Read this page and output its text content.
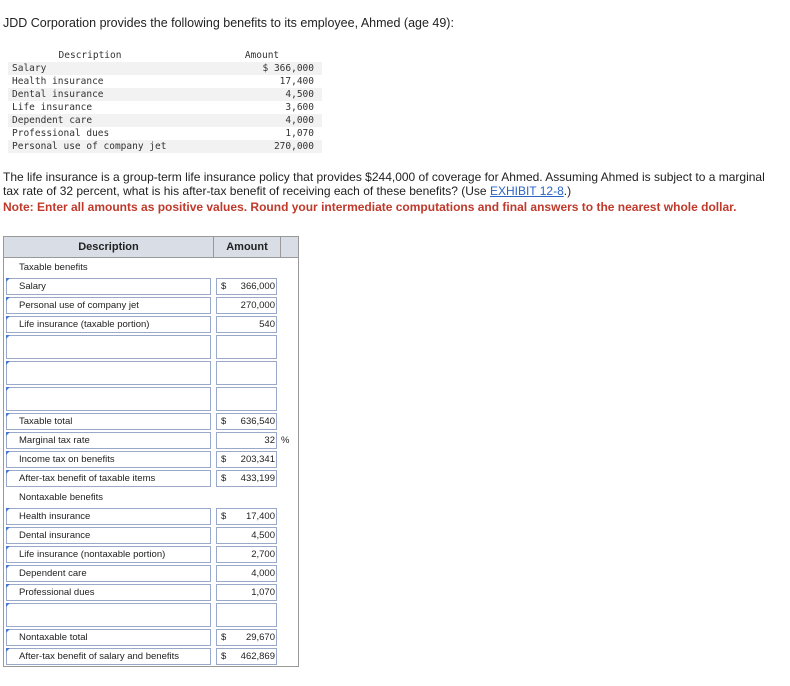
JDD Corporation provides the following benefits to its employee, Ahmed (age 49):
Description	Amount
Salary	$ 366,000
Health insurance	17,400
Dental insurance	4,500
Life insurance	3,600
Dependent care	4,000
Professional dues	1,070
Personal use of company jet	270,000
The life insurance is a group-term life insurance policy that provides $244,000 of coverage for Ahmed. Assuming Ahmed is subject to a marginal tax rate of 32 percent, what is his after-tax benefit of receiving each of these benefits? (Use EXHIBIT 12-8.)
Note: Enter all amounts as positive values. Round your intermediate computations and final answers to the nearest whole dollar.
Description	Amount
Taxable benefits
Salary	$ 366,000
Personal use of company jet	270,000
Life insurance (taxable portion)	540
Taxable total	$ 636,540
Marginal tax rate	32 %
Income tax on benefits	$ 203,341
After-tax benefit of taxable items	$ 433,199
Nontaxable benefits
Health insurance	$ 17,400
Dental insurance	4,500
Life insurance (nontaxable portion)	2,700
Dependent care	4,000
Professional dues	1,070
Nontaxable total	$ 29,670
After-tax benefit of salary and benefits	$ 462,869
